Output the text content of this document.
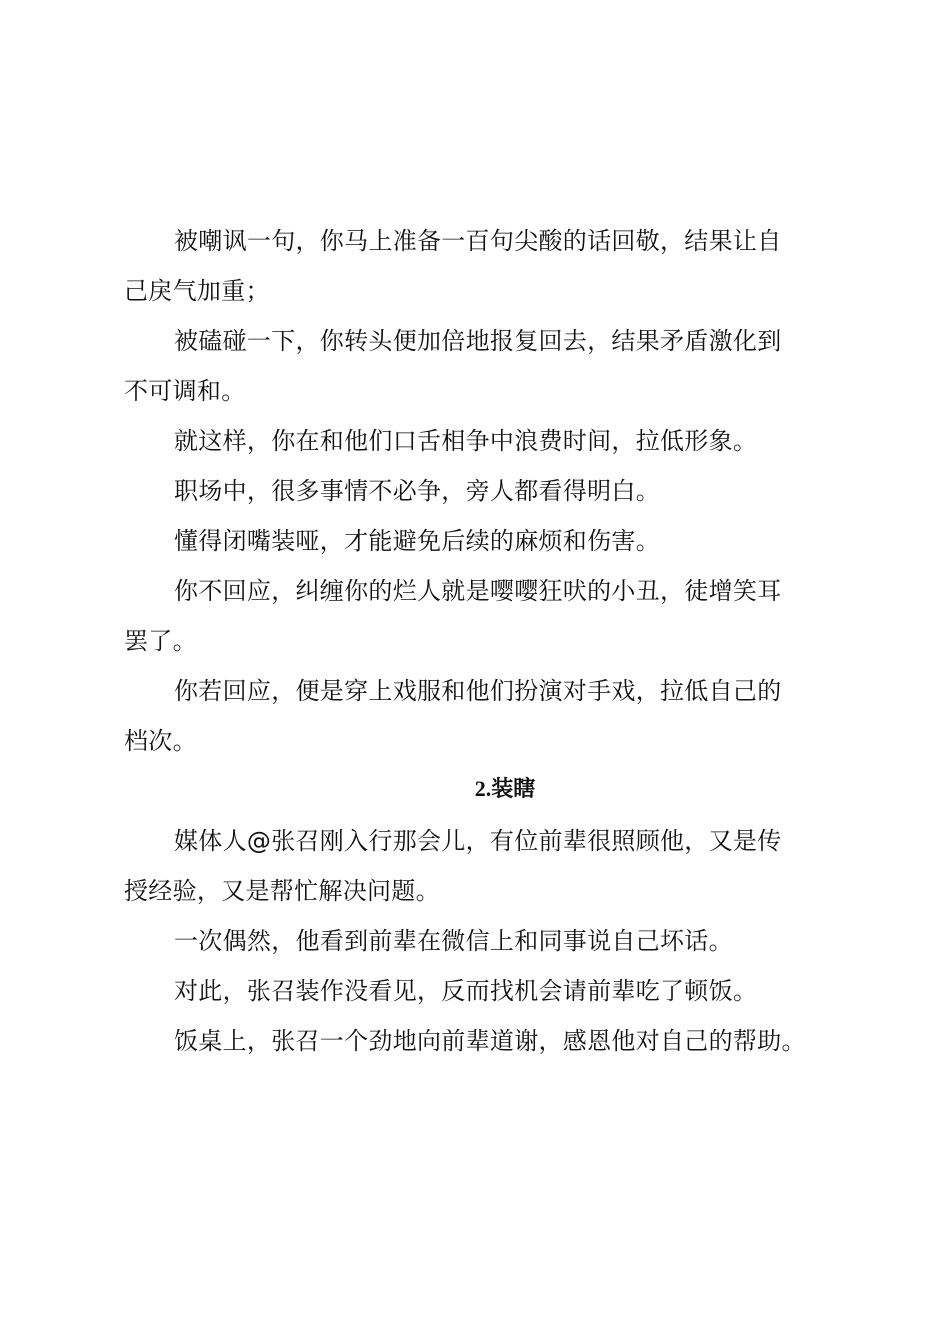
被嘲讽一句，你马上准备一百句尖酸的话回敬，结果让自
己戾气加重；
被磕碰一下，你转头便加倍地报复回去，结果矛盾激化到
不可调和。
就这样，你在和他们口舌相争中浪费时间，拉低形象。
职场中，很多事情不必争，旁人都看得明白。
懂得闭嘴装哑，才能避免后续的麻烦和伤害。
你不回应，纠缠你的烂人就是嘤嘤狂吠的小丑，徒增笑耳
罢了。
你若回应，便是穿上戏服和他们扮演对手戏，拉低自己的
档次。
2.装瞎
媒体人@张召刚入行那会儿，有位前辈很照顾他，又是传
授经验，又是帮忙解决问题。
一次偶然，他看到前辈在微信上和同事说自己坏话。
对此，张召装作没看见，反而找机会请前辈吃了顿饭。
饭桌上，张召一个劲地向前辈道谢，感恩他对自己的帮助。
